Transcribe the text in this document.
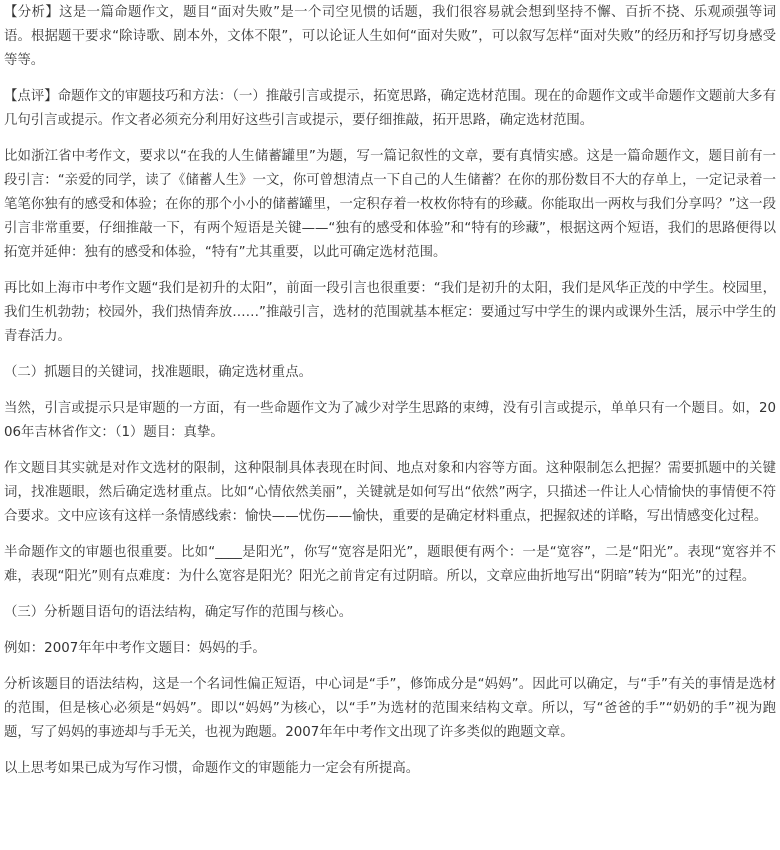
【分析】这是一篇命题作文，题目“面对失败”是一个司空见惯的话题，我们很容易就会想到坚持不懈、百折不挠、乐观顽强等词语。根据题干要求“除诗歌、剧本外，文体不限”，可以论证人生如何“面对失败”，可以叙写怎样“面对失败”的经历和抒写切身感受等等。

【点评】命题作文的审题技巧和方法：（一）推敲引言或提示，拓宽思路，确定选材范围。现在的命题作文或半命题作文题前大多有几句引言或提示。作文者必须充分利用好这些引言或提示，要仔细推敲，拓开思路，确定选材范围。

比如浙江省中考作文，要求以“在我的人生储蓄罐里”为题，写一篇记叙性的文章，要有真情实感。这是一篇命题作文，题目前有一段引言：“亲爱的同学，读了《储蓄人生》一文，你可曾想清点一下自己的人生储蓄？在你的那份数目不大的存单上，一定记录着一笔笔你独有的感受和体验；在你的那个小小的储蓄罐里，一定积存着一枚枚你特有的珍藏。你能取出一两枚与我们分享吗？”这一段引言非常重要，仔细推敲一下，有两个短语是关键——“独有的感受和体验”和“特有的珍藏”，根据这两个短语，我们的思路便得以拓宽并延伸：独有的感受和体验，“特有”尤其重要，以此可确定选材范围。

再比如上海市中考作文题“我们是初升的太阳”，前面一段引言也很重要：“我们是初升的太阳，我们是风华正茂的中学生。校园里，我们生机勃勃；校园外，我们热情奔放……”推敲引言，选材的范围就基本框定：要通过写中学生的课内或课外生活，展示中学生的青春活力。

（二）抓题目的关键词，找准题眼，确定选材重点。

当然，引言或提示只是审题的一方面，有一些命题作文为了减少对学生思路的束缚，没有引言或提示，单单只有一个题目。如，2006年吉林省作文：（1）题目：真挚。

作文题目其实就是对作文选材的限制，这种限制具体表现在时间、地点对象和内容等方面。这种限制怎么把握？需要抓题中的关键词，找准题眼，然后确定选材重点。比如“心情依然美丽”，关键就是如何写出“依然”两字，只描述一件让人心情愉快的事情便不符合要求。文中应该有这样一条情感线索：愉快——忧伤——愉快，重要的是确定材料重点，把握叙述的详略，写出情感变化过程。

半命题作文的审题也很重要。比如“____是阳光”，你写“宽容是阳光”，题眼便有两个：一是“宽容”，二是“阳光”。表现“宽容并不难，表现“阳光”则有点难度：为什么宽容是阳光？阳光之前肯定有过阴暗。所以，文章应曲折地写出“阴暗”转为“阳光”的过程。

（三）分析题目语句的语法结构，确定写作的范围与核心。

例如：2007年年中考作文题目：妈妈的手。

分析该题目的语法结构，这是一个名词性偏正短语，中心词是“手”，修饰成分是“妈妈”。因此可以确定，与“手”有关的事情是选材的范围，但是核心必须是“妈妈”。即以“妈妈”为核心，以“手”为选材的范围来结构文章。所以，写“爸爸的手”“奶奶的手”视为跑题，写了妈妈的事迹却与手无关，也视为跑题。2007年年中考作文出现了许多类似的跑题文章。

以上思考如果已成为写作习惯，命题作文的审题能力一定会有所提高。
